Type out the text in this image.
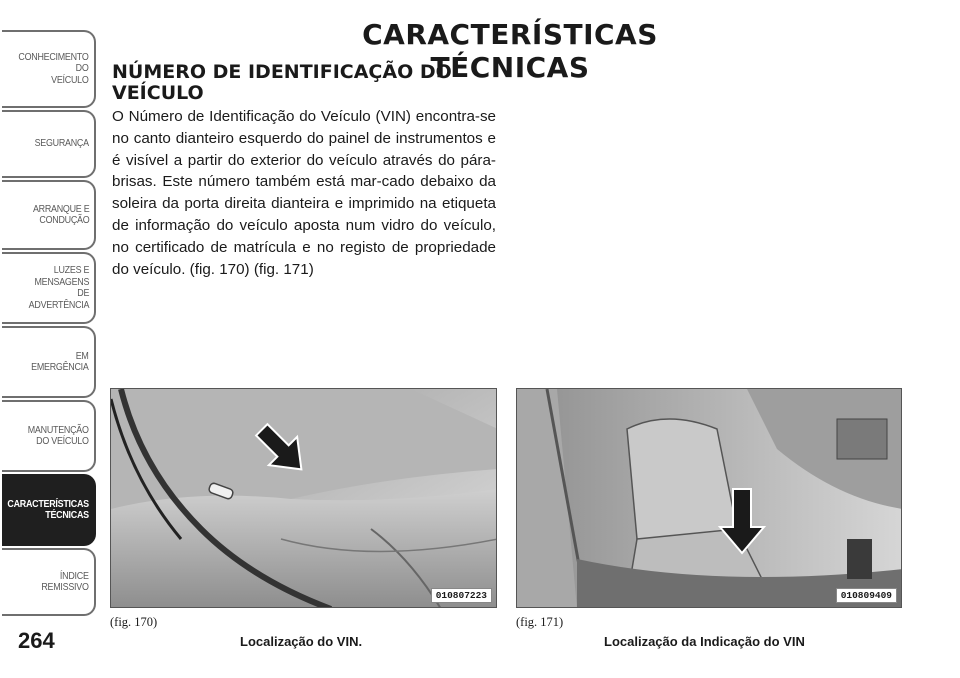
CONHECIMENTO
DO
VEÍCULO
SEGURANÇA
ARRANQUE E
CONDUÇÃO
LUZES E
MENSAGENS
DE
ADVERTÊNCIA
EM
EMERGÊNCIA
MANUTENÇÃO
DO VEÍCULO
CARACTERÍSTICAS
TÉCNICAS
ÍNDICE
REMISSIVO
264
CARACTERÍSTICAS TÉCNICAS
NÚMERO DE IDENTIFICAÇÃO DO VEÍCULO

O Número de Identificação do Veículo (VIN) encontra-se no canto dianteiro esquerdo do painel de instrumentos e é visível a partir do exterior do veículo através do pára-brisas. Este número também está mar-cado debaixo da soleira da porta direita dianteira e imprimido na etiqueta de informação do veículo aposta num vidro do veículo, no certificado de matrícula e no registo de propriedade do veículo. (fig. 170) (fig. 171)

010807223	010809409
(fig. 170)
Localização do VIN.
(fig. 171)
Localização da Indicação do VIN
